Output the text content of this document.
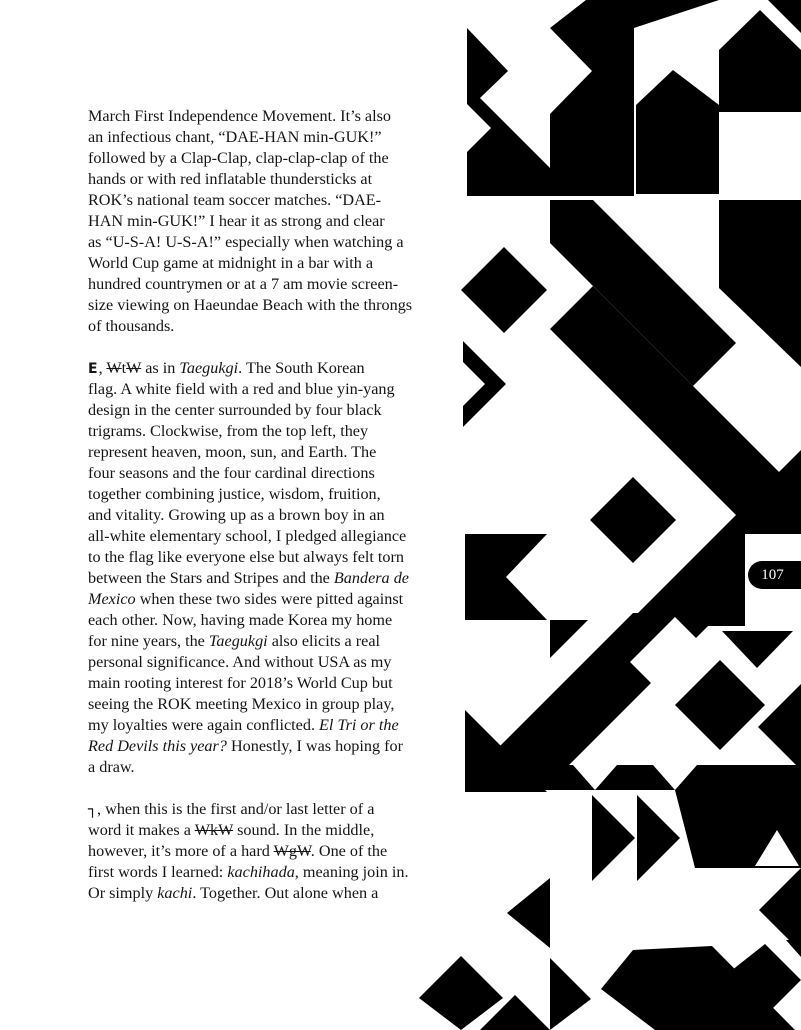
March First Independence Movement. It’s also
an infectious chant, “DAE-HAN min-GUK!”
followed by a Clap-Clap, clap-clap-clap of the
hands or with red inflatable thundersticks at
ROK’s national team soccer matches. “DAE-
HAN min-GUK!” I hear it as strong and clear
as “U-S-A! U-S-A!” especially when watching a
World Cup game at midnight in a bar with a
hundred countrymen or at a 7 am movie screen-
size viewing on Haeundae Beach with the throngs
of thousands.
E, WtW as in Taegukgi. The South Korean
flag. A white field with a red and blue yin-yang
design in the center surrounded by four black
trigrams. Clockwise, from the top left, they
represent heaven, moon, sun, and Earth. The
four seasons and the four cardinal directions
together combining justice, wisdom, fruition,
and vitality. Growing up as a brown boy in an
all-white elementary school, I pledged allegiance
to the flag like everyone else but always felt torn
between the Stars and Stripes and the Bandera de
Mexico when these two sides were pitted against
each other. Now, having made Korea my home
for nine years, the Taegukgi also elicits a real
personal significance. And without USA as my
main rooting interest for 2018’s World Cup but
seeing the ROK meeting Mexico in group play,
my loyalties were again conflicted. El Tri or the
Red Devils this year? Honestly, I was hoping for
a draw.
┐, when this is the first and/or last letter of a
word it makes a WkW sound. In the middle,
however, it’s more of a hard WgW. One of the
first words I learned: kachihada, meaning join in.
Or simply kachi. Together. Out alone when a
107
